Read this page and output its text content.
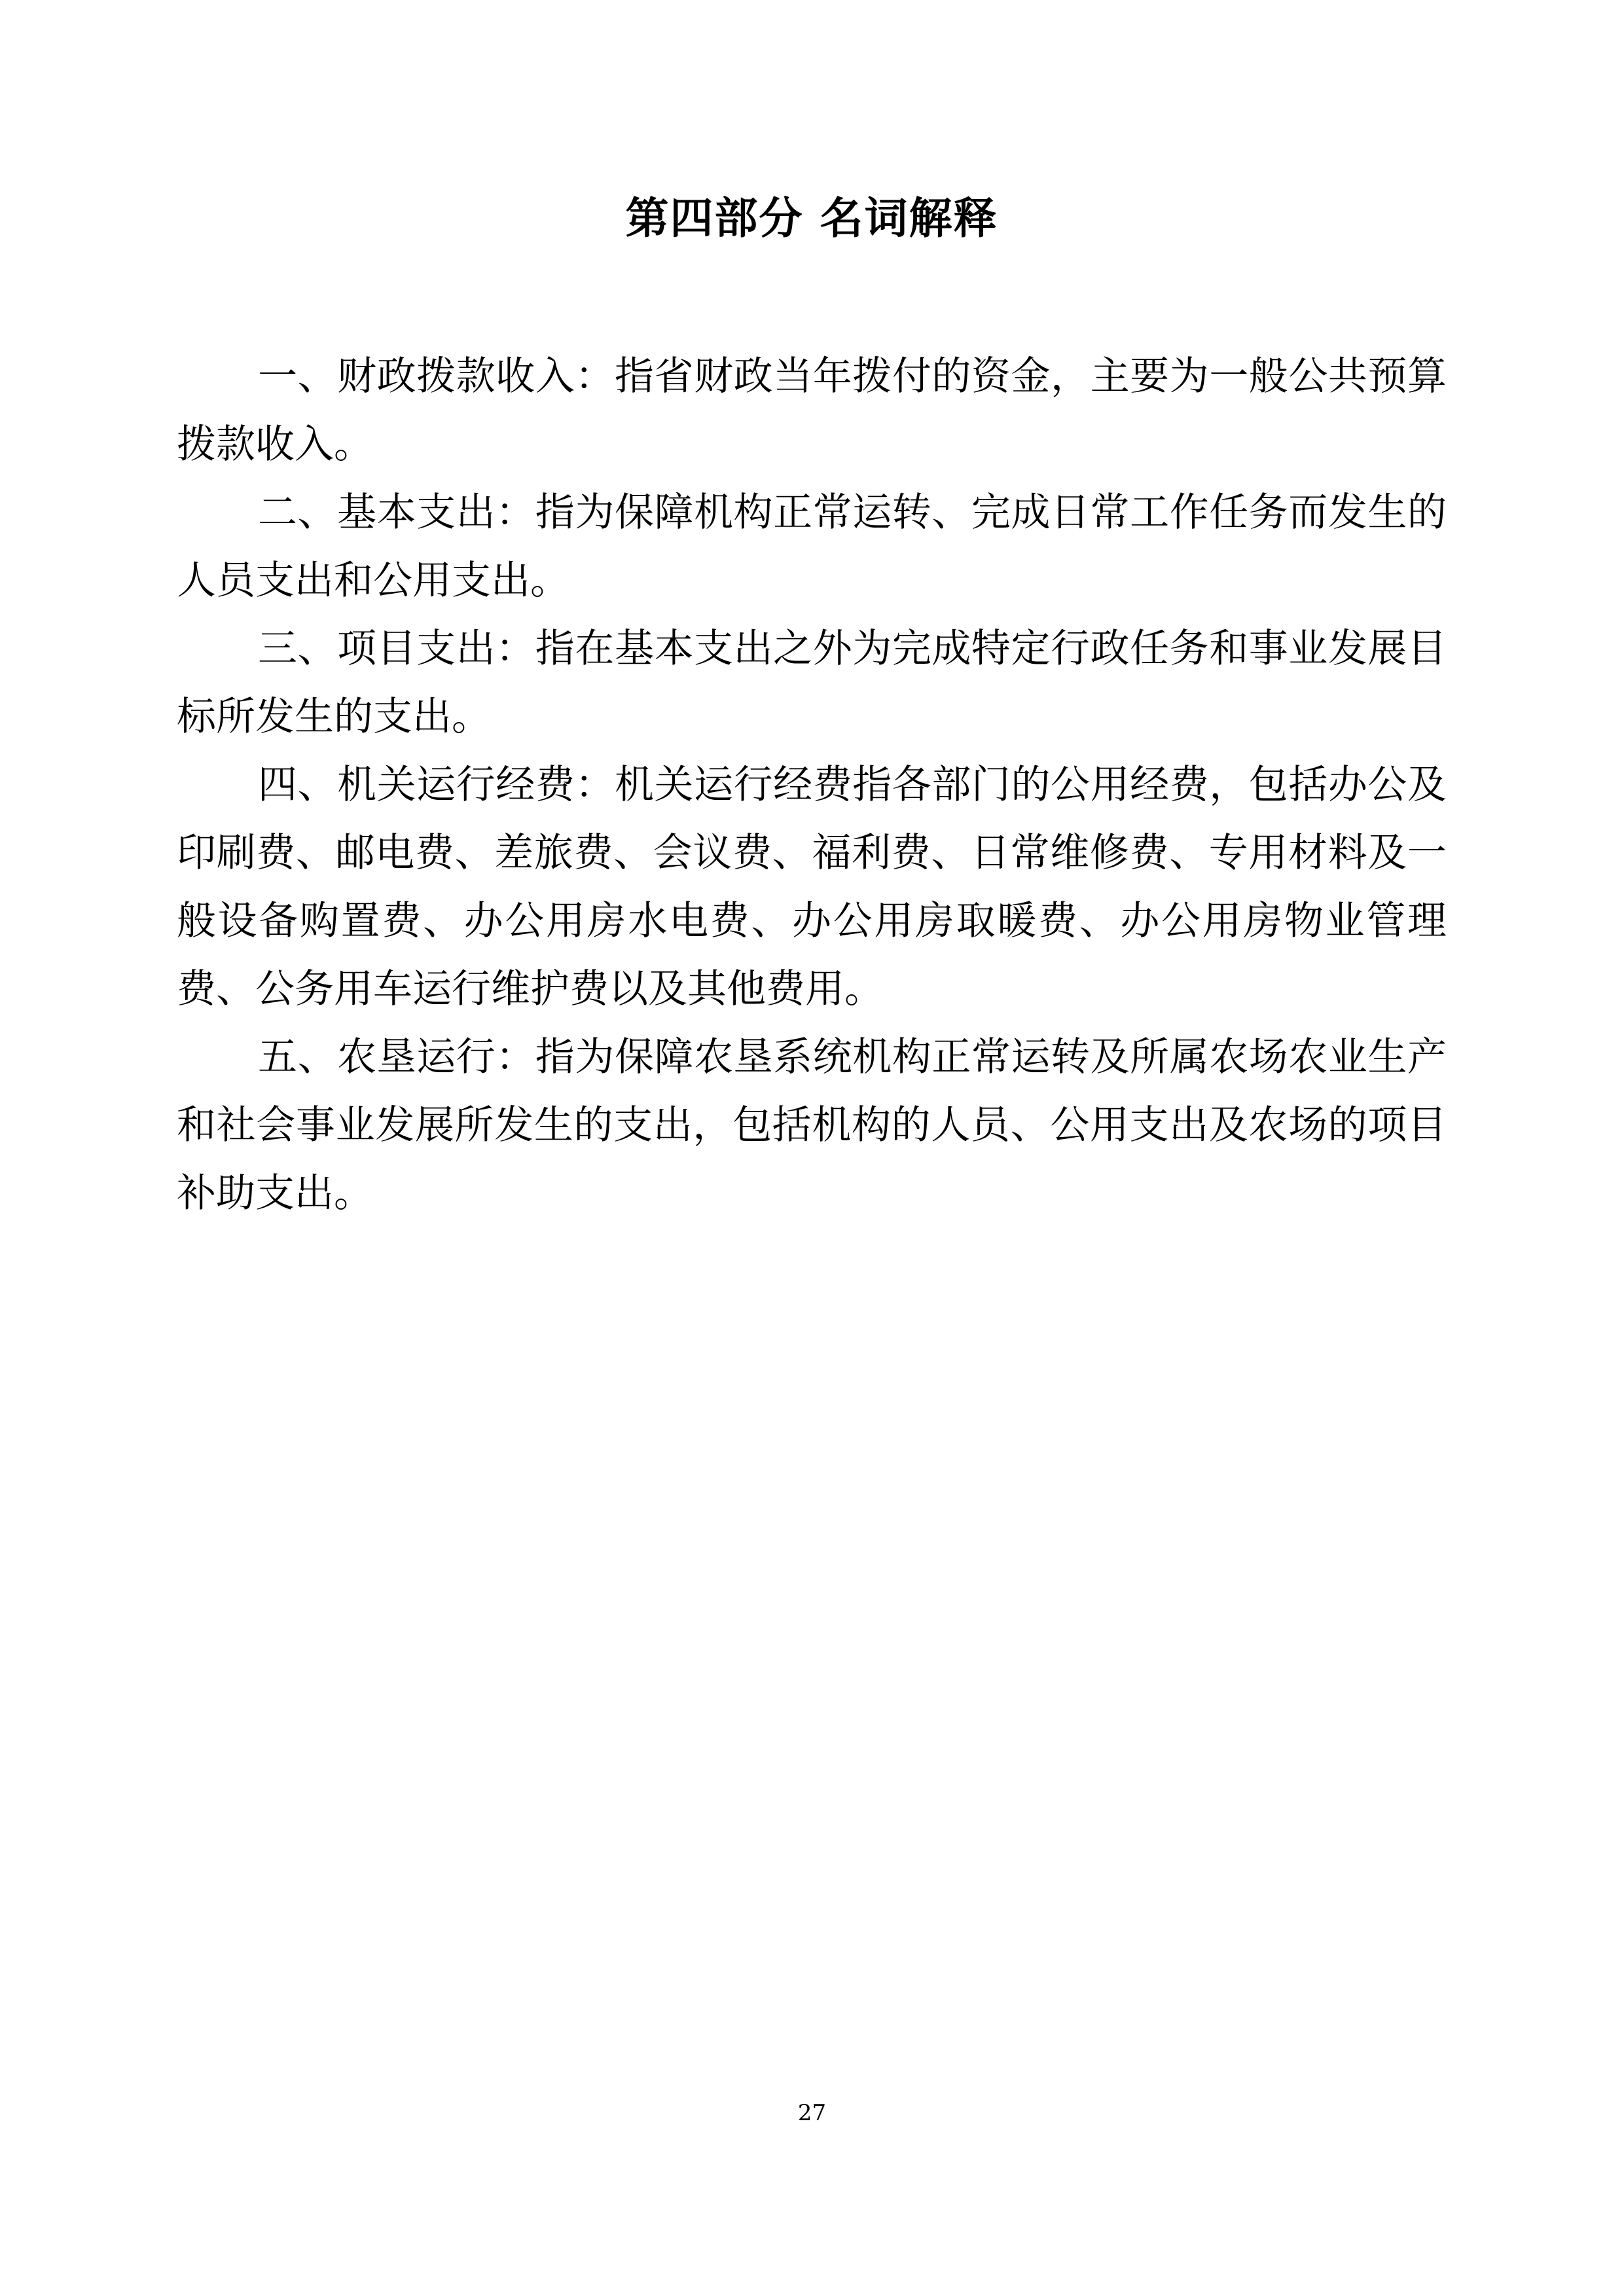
第四部分 名词解释

一、财政拨款收入：指省财政当年拨付的资金，主要为一般公共预算拨款收入。

二、基本支出：指为保障机构正常运转、完成日常工作任务而发生的人员支出和公用支出。

三、项目支出：指在基本支出之外为完成特定行政任务和事业发展目标所发生的支出。

四、机关运行经费：机关运行经费指各部门的公用经费，包括办公及印刷费、邮电费、差旅费、会议费、福利费、日常维修费、专用材料及一般设备购置费、办公用房水电费、办公用房取暖费、办公用房物业管理费、公务用车运行维护费以及其他费用。

五、农垦运行：指为保障农垦系统机构正常运转及所属农场农业生产和社会事业发展所发生的支出，包括机构的人员、公用支出及农场的项目补助支出。

27
